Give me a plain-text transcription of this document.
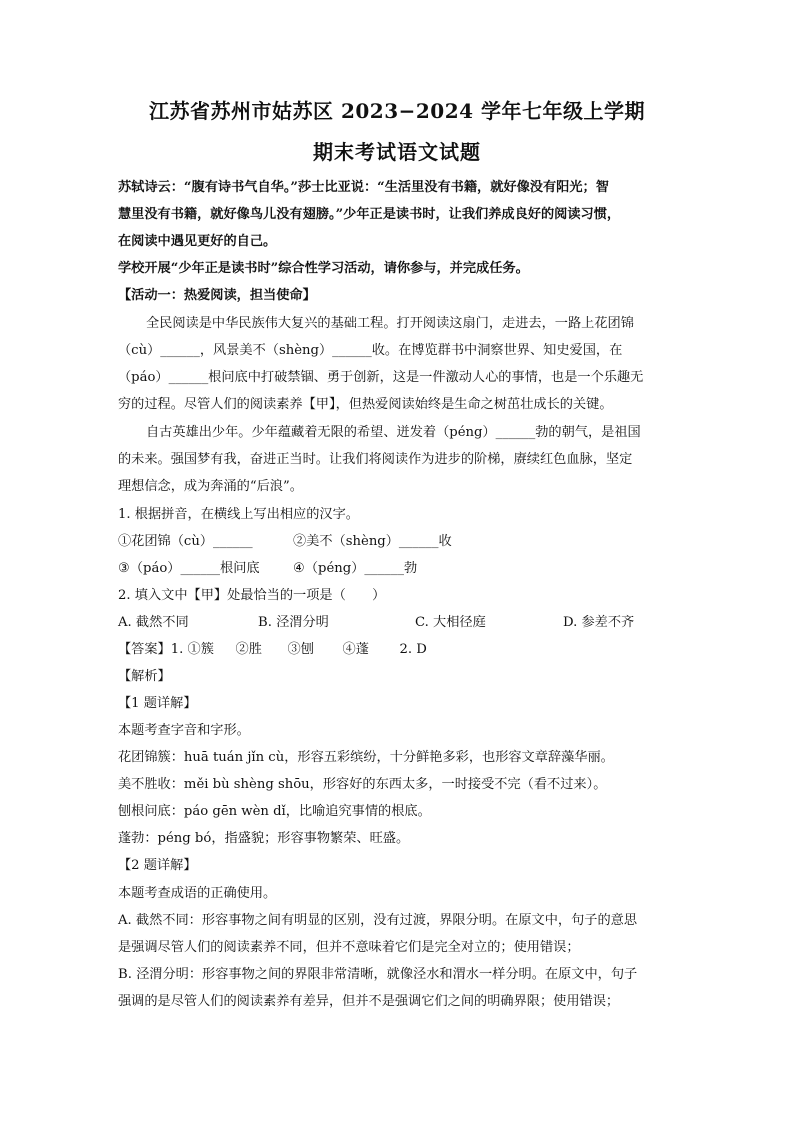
江苏省苏州市姑苏区 2023−2024 学年七年级上学期
期末考试语文试题
苏轼诗云：“腹有诗书气自华。”莎士比亚说：“生活里没有书籍，就好像没有阳光；智
慧里没有书籍，就好像鸟儿没有翅膀。”少年正是读书时，让我们养成良好的阅读习惯，
在阅读中遇见更好的自己。
学校开展“少年正是读书时”综合性学习活动，请你参与，并完成任务。
【活动一：热爱阅读，担当使命】
全民阅读是中华民族伟大复兴的基础工程。打开阅读这扇门，走进去，一路上花团锦
（cù）______，风景美不（shèng）______收。在博览群书中洞察世界、知史爱国，在
（páo）______根问底中打破禁锢、勇于创新，这是一件激动人心的事情，也是一个乐趣无
穷的过程。尽管人们的阅读素养【甲】，但热爱阅读始终是生命之树茁壮成长的关键。
自古英雄出少年。少年蕴藏着无限的希望、迸发着（péng）______勃的朝气，是祖国
的未来。强国梦有我，奋进正当时。让我们将阅读作为进步的阶梯，赓续红色血脉，坚定
理想信念，成为奔涌的“后浪”。
1. 根据拼音，在横线上写出相应的汉字。
①花团锦（cù）______	②美不（shèng）______收
③（páo）______根问底	④（péng）______勃
2. 填入文中【甲】处最恰当的一项是（　　）
A. 截然不同	B. 泾渭分明	C. 大相径庭	D. 参差不齐
【答案】1. ①簇 ②胜 ③刨 ④蓬 2. D
【解析】
【1 题详解】
本题考查字音和字形。
花团锦簇：huā tuán jǐn cù，形容五彩缤纷，十分鲜艳多彩，也形容文章辞藻华丽。
美不胜收：měi bù shèng shōu，形容好的东西太多，一时接受不完（看不过来）。
刨根问底：páo gēn wèn dǐ，比喻追究事情的根底。
蓬勃：péng bó，指盛貌；形容事物繁荣、旺盛。
【2 题详解】
本题考查成语的正确使用。
A. 截然不同：形容事物之间有明显的区别，没有过渡，界限分明。在原文中，句子的意思
是强调尽管人们的阅读素养不同，但并不意味着它们是完全对立的；使用错误；
B. 泾渭分明：形容事物之间的界限非常清晰，就像泾水和渭水一样分明。在原文中，句子
强调的是尽管人们的阅读素养有差异，但并不是强调它们之间的明确界限；使用错误；
